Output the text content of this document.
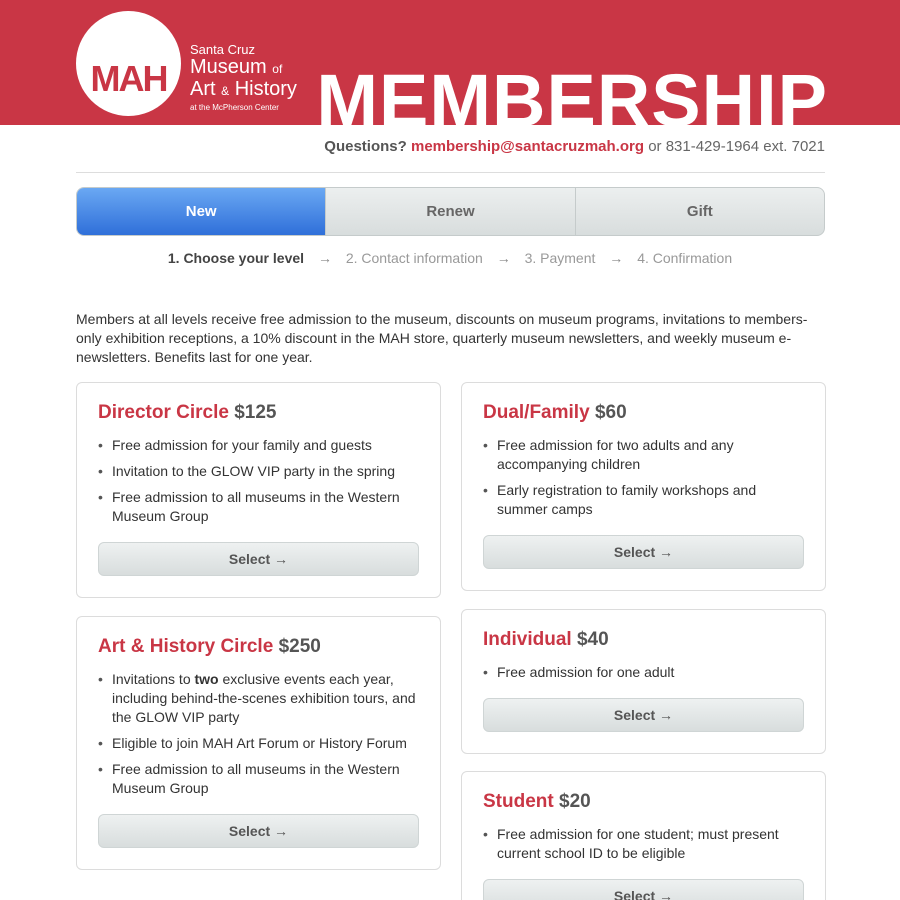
MAH
Santa Cruz
Museum of
Art & History
at the McPherson Center MEMBERSHIP
Questions? membership@santacruzmah.org or 831-429-1964 ext. 7021
New	Renew	Gift
1. Choose your level → 2. Contact information → 3. Payment → 4. Confirmation

Members at all levels receive free admission to the museum, discounts on museum programs, invitations to members-only exhibition receptions, a 10% discount in the MAH store, quarterly museum newsletters, and weekly museum e-newsletters. Benefits last for one year.

Director Circle $125
• Free admission for your family and guests
• Invitation to the GLOW VIP party in the spring
• Free admission to all museums in the Western Museum Group
Select →
Art & History Circle $250
• Invitations to two exclusive events each year, including behind-the-scenes exhibition tours, and the GLOW VIP party
• Eligible to join MAH Art Forum or History Forum
• Free admission to all museums in the Western Museum Group
Select →
Dual/Family $60
• Free admission for two adults and any accompanying children
• Early registration to family workshops and summer camps
Select →
Individual $40
• Free admission for one adult
Select →
Student $20
• Free admission for one student; must present current school ID to be eligible
Select →
